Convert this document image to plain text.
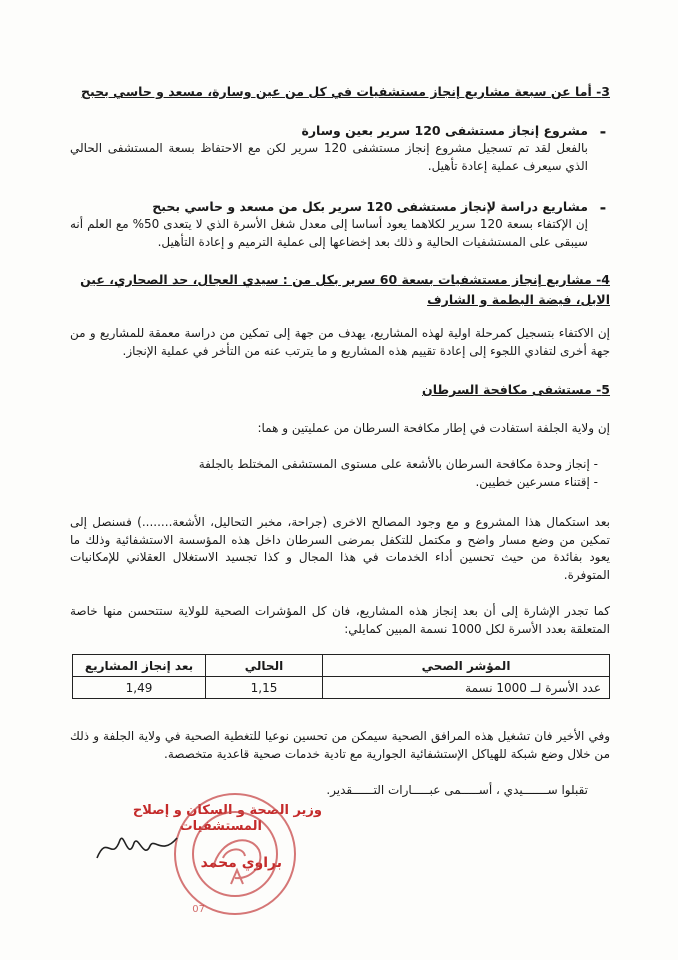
3- أما عن سبعة مشاريع إنجاز مستشفيات في كل من عين وسارة، مسعد و حاسي بحبح
-
مشروع إنجاز مستشفى 120 سرير بعين وسارة
بالفعل لقد تم تسجيل مشروع إنجاز مستشفى 120 سرير لكن مع الاحتفاظ بسعة المستشفى الحالي الذي سيعرف عملية إعادة تأهيل.
-
مشاريع دراسة لإنجاز مستشفى 120 سرير بكل من مسعد و حاسي بحبح
إن الإكتفاء بسعة 120 سرير لكلاهما يعود أساسا إلى معدل شغل الأسرة الذي لا يتعدى 50% مع العلم أنه سيبقى على المستشفيات الحالية و ذلك بعد إخضاعها إلى عملية الترميم و إعادة التأهيل.
4- مشاريع إنجاز مستشفيات بسعة 60 سرير بكل من : سيدي العجال، حد الصحاري، عين الابل، فيضة البطمة و الشارف
إن الاكتفاء بتسجيل كمرحلة اولية لهذه المشاريع، يهدف من جهة إلى تمكين من دراسة معمقة للمشاريع و من جهة أخرى لتفادي اللجوء إلى إعادة تقييم هذه المشاريع و ما يترتب عنه من التأخر في عملية الإنجاز.
5- مستشفى مكافحة السرطان
إن ولاية الجلفة استفادت في إطار مكافحة السرطان من عمليتين و هما:
- إنجاز وحدة مكافحة السرطان بالأشعة على مستوى المستشفى المختلط بالجلفة
- إقتناء مسرعين خطيين.
بعد استكمال هذا المشروع و مع وجود المصالح الاخرى (جراحة، مخبر التحاليل، الأشعة........) فسنصل إلى تمكين من وضع مسار واضح و مكتمل للتكفل بمرضى السرطان داخل هذه المؤسسة الاستشفائية وذلك ما يعود بفائدة من حيث تحسين أداء الخدمات في هذا المجال و كذا تجسيد الاستغلال العقلاني للإمكانيات المتوفرة.
كما تجدر الإشارة إلى أن بعد إنجاز هذه المشاريع، فان كل المؤشرات الصحية للولاية ستتحسن منها خاصة المتعلقة بعدد الأسرة لكل 1000 نسمة المبين كمايلي:
المؤشر الصحي	الحالي	بعد إنجاز المشاريع
عدد الأسرة لــ 1000 نسمة	1,15	1,49
وفي الأخير فان تشغيل هذه المرافق الصحية سيمكن من تحسين نوعيا للتغطية الصحية في ولاية الجلفة و ذلك من خلال وضع شبكة للهياكل الإستشفائية الجوارية مع تادية خدمات صحية قاعدية متخصصة.
تقبلوا ســـــــيدي ، أســـــمى عبـــــارات التــــــقدير.
وزير الصحة و السكان و إصلاح
المستشفيات
براوي محمد
07
